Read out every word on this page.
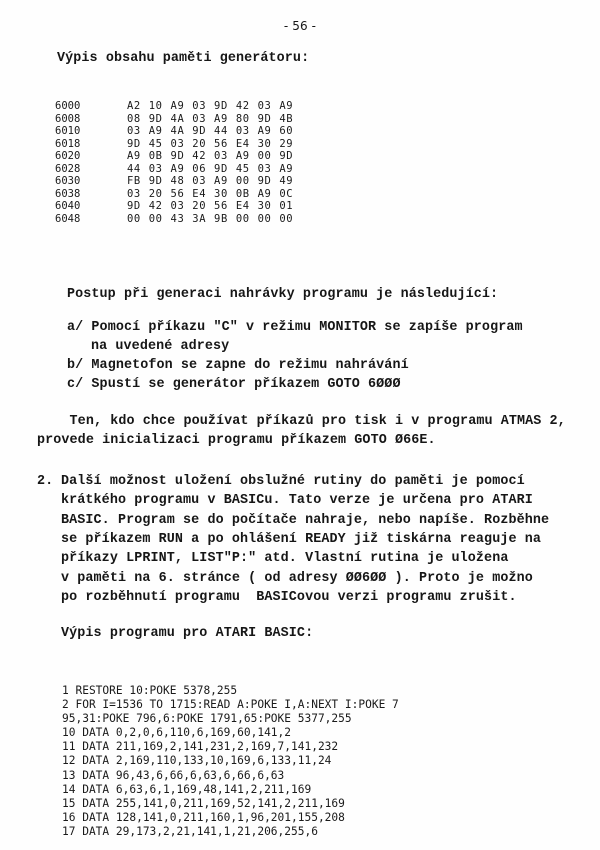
- 56 -
Výpis obsahu paměti generátoru:
6000	A2 10 A9 03 9D 42 03 A9
6008	08 9D 4A 03 A9 80 9D 4B
6010	03 A9 4A 9D 44 03 A9 60
6018	9D 45 03 20 56 E4 30 29
6020	A9 0B 9D 42 03 A9 00 9D
6028	44 03 A9 06 9D 45 03 A9
6030	FB 9D 48 03 A9 00 9D 49
6038	03 20 56 E4 30 0B A9 0C
6040	9D 42 03 20 56 E4 30 01
6048	00 00 43 3A 9B 00 00 00
Postup při generaci nahrávky programu je následující:
a/ Pomocí příkazu "C" v režimu MONITOR se zapíše program
na uvedené adresy
b/ Magnetofon se zapne do režimu nahrávání
c/ Spustí se generátor příkazem GOTO 6ØØØ
Ten, kdo chce používat příkazů pro tisk i v programu ATMAS 2,
provede inicializaci programu příkazem GOTO Ø66E.
2. Další možnost uložení obslužné rutiny do paměti je pomocí
krátkého programu v BASICu. Tato verze je určena pro ATARI
BASIC. Program se do počítače nahraje, nebo napíše. Rozběhne
se příkazem RUN a po ohlášení READY již tiskárna reaguje na
příkazy LPRINT, LIST"P:" atd. Vlastní rutina je uložena
v paměti na 6. stránce ( od adresy ØØ6ØØ ). Proto je možno
po rozběhnutí programu  BASICovou verzi programu zrušit.
Výpis programu pro ATARI BASIC:
1 RESTORE 10:POKE 5378,255
2 FOR I=1536 TO 1715:READ A:POKE I,A:NEXT I:POKE 7
95,31:POKE 796,6:POKE 1791,65:POKE 5377,255
10 DATA 0,2,0,6,110,6,169,60,141,2
11 DATA 211,169,2,141,231,2,169,7,141,232
12 DATA 2,169,110,133,10,169,6,133,11,24
13 DATA 96,43,6,66,6,63,6,66,6,63
14 DATA 6,63,6,1,169,48,141,2,211,169
15 DATA 255,141,0,211,169,52,141,2,211,169
16 DATA 128,141,0,211,160,1,96,201,155,208
17 DATA 29,173,2,21,141,1,21,206,255,6
